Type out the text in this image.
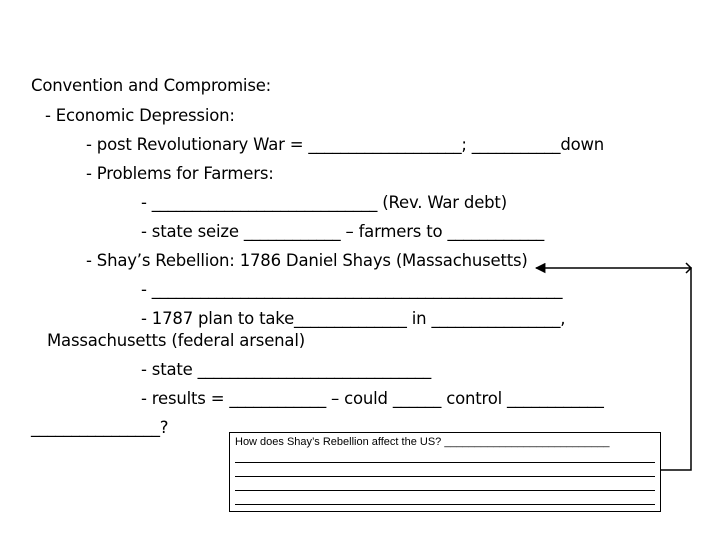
Convention and Compromise:
- Economic Depression:
- post Revolutionary War = ___________________; ___________down
- Problems for Farmers:
- ____________________________ (Rev. War debt)
- state seize ____________ – farmers to ____________
- Shay’s Rebellion: 1786 Daniel Shays (Massachusetts)
- ___________________________________________________
- 1787 plan to take______________ in ________________,
Massachusetts (federal arsenal)
- state _____________________________
- results = ____________ – could ______ control ____________
________________?
How does Shay’s Rebellion affect the US? ___________________________
